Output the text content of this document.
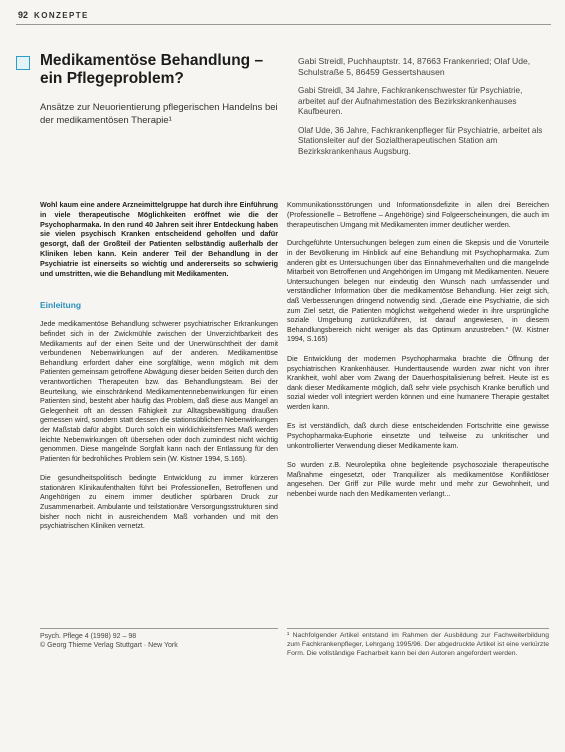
92 KONZEPTE
Medikamentöse Behandlung – ein Pflegeproblem?

Ansätze zur Neuorientierung pflegerischen Handelns bei der medikamentösen Therapie¹

Gabi Streidl, Puchhauptstr. 14, 87663 Frankenried; Olaf Ude, Schulstraße 5, 86459 Gessertshausen

Gabi Streidl, 34 Jahre, Fachkrankenschwester für Psychiatrie, arbeitet auf der Aufnahmestation des Bezirkskrankenhauses Kaufbeuren.

Olaf Ude, 36 Jahre, Fachkrankenpfleger für Psychiatrie, arbeitet als Stationsleiter auf der Sozialtherapeutischen Station am Bezirkskrankenhaus Augsburg.

Wohl kaum eine andere Arzneimittelgruppe hat durch ihre Einführung in viele therapeutische Möglichkeiten eröffnet wie die der Psychopharmaka. In den rund 40 Jahren seit ihrer Entdeckung haben sie vielen psychisch Kranken entscheidend geholfen und dafür gesorgt, daß der Großteil der Patienten selbständig außerhalb der Kliniken leben kann. Kein anderer Teil der Behandlung in der Psychiatrie ist einerseits so wichtig und andererseits so schwierig und umstritten, wie die Behandlung mit Medikamenten.

Einleitung

Jede medikamentöse Behandlung schwerer psychiatrischer Erkrankungen befindet sich in der Zwickmühle zwischen der Unverzichtbarkeit des Medikaments auf der einen Seite und der Unerwünschtheit der damit verbundenen Nebenwirkungen auf der anderen. Medikamentöse Behandlung erfordert daher eine sorgfältige, wenn möglich mit dem Patienten gemeinsam getroffene Abwägung dieser beiden Seiten durch den verantwortlichen Therapeuten bzw. das Behandlungsteam. Bei der Beurteilung, wie einschränkend Medikamentennebenwirkungen für einen Patienten sind, besteht aber häufig das Problem, daß diese aus Mangel an Gelegenheit oft an dessen Fähigkeit zur Alltagsbewältigung draußen gemessen wird, sondern statt dessen die stationsüblichen Nebenwirkungen der Maßstab dafür abgibt. Durch solch ein wirklichkeitsfernes Maß werden leichte Nebenwirkungen oft übersehen oder doch zumindest nicht wichtig genommen. Diese mangelnde Sorgfalt kann nach der Entlassung für den Patienten für bedrohliches Problem sein (W. Kistner 1994, S.165).

Die gesundheitspolitisch bedingte Entwicklung zu immer kürzeren stationären Klinikaufenthalten führt bei Professionellen, Betroffenen und Angehörigen zu einem immer deutlicher spürbaren Druck zur Zusammenarbeit. Ambulante und teilstationäre Versorgungsstrukturen sind bisher noch nicht in ausreichendem Maß vorhanden und mit den psychiatrischen Kliniken vernetzt.

Kommunikationsstörungen und Informationsdefizite in allen drei Bereichen (Professionelle – Betroffene – Angehörige) sind Folgeerscheinungen, die auch im therapeutischen Umgang mit Medikamenten immer deutlicher werden.

Durchgeführte Untersuchungen belegen zum einen die Skepsis und die Vorurteile in der Bevölkerung im Hinblick auf eine Behandlung mit Psychopharmaka. Zum anderen gibt es Untersuchungen über das Einnahmeverhalten und die mangelnde Mitarbeit von Betroffenen und Angehörigen im Umgang mit Medikamenten. Neuere Untersuchungen belegen nur eindeutig den Wunsch nach umfassender und verständlicher Information über die medikamentöse Behandlung. Hier zeigt sich, daß Verbesserungen dringend notwendig sind. „Gerade eine Psychiatrie, die sich zum Ziel setzt, die Patienten möglichst weitgehend wieder in ihre ursprüngliche soziale Umgebung zurückzuführen, ist darauf angewiesen, in diesem Behandlungsbereich nicht weniger als das Optimum anzustreben.“ (W. Kistner 1994, S.165)

Die Entwicklung der modernen Psychopharmaka brachte die Öffnung der psychiatrischen Krankenhäuser. Hunderttausende wurden zwar nicht von ihrer Krankheit, wohl aber vom Zwang der Dauerhospitalisierung befreit. Heute ist es dank dieser Medikamente möglich, daß sehr viele psychisch Kranke beruflich und sozial wieder voll integriert werden können und eine humanere Therapie gestaltet werden kann.

Es ist verständlich, daß durch diese entscheidenden Fortschritte eine gewisse Psychopharmaka-Euphorie einsetzte und teilweise zu unkritischer und unkontrollierter Verwendung dieser Medikamente kam.

So wurden z.B. Neuroleptika ohne begleitende psychosoziale therapeutische Maßnahme eingesetzt, oder Tranquilizer als medikamentöse Konfliktlöser angesehen. Der Griff zur Pille wurde mehr und mehr zur Gewohnheit, und nebenbei wurde nach den Medikamenten verlangt...

Psych. Pflege 4 (1998) 92 – 98
© Georg Thieme Verlag Stuttgart · New York
¹ Nachfolgender Artikel entstand im Rahmen der Ausbildung zur Fachweiterbildung zum Fachkrankenpfleger, Lehrgang 1995/96. Der abgedruckte Artikel ist eine verkürzte Form. Die vollständige Facharbeit kann bei den Autoren angefordert werden.
